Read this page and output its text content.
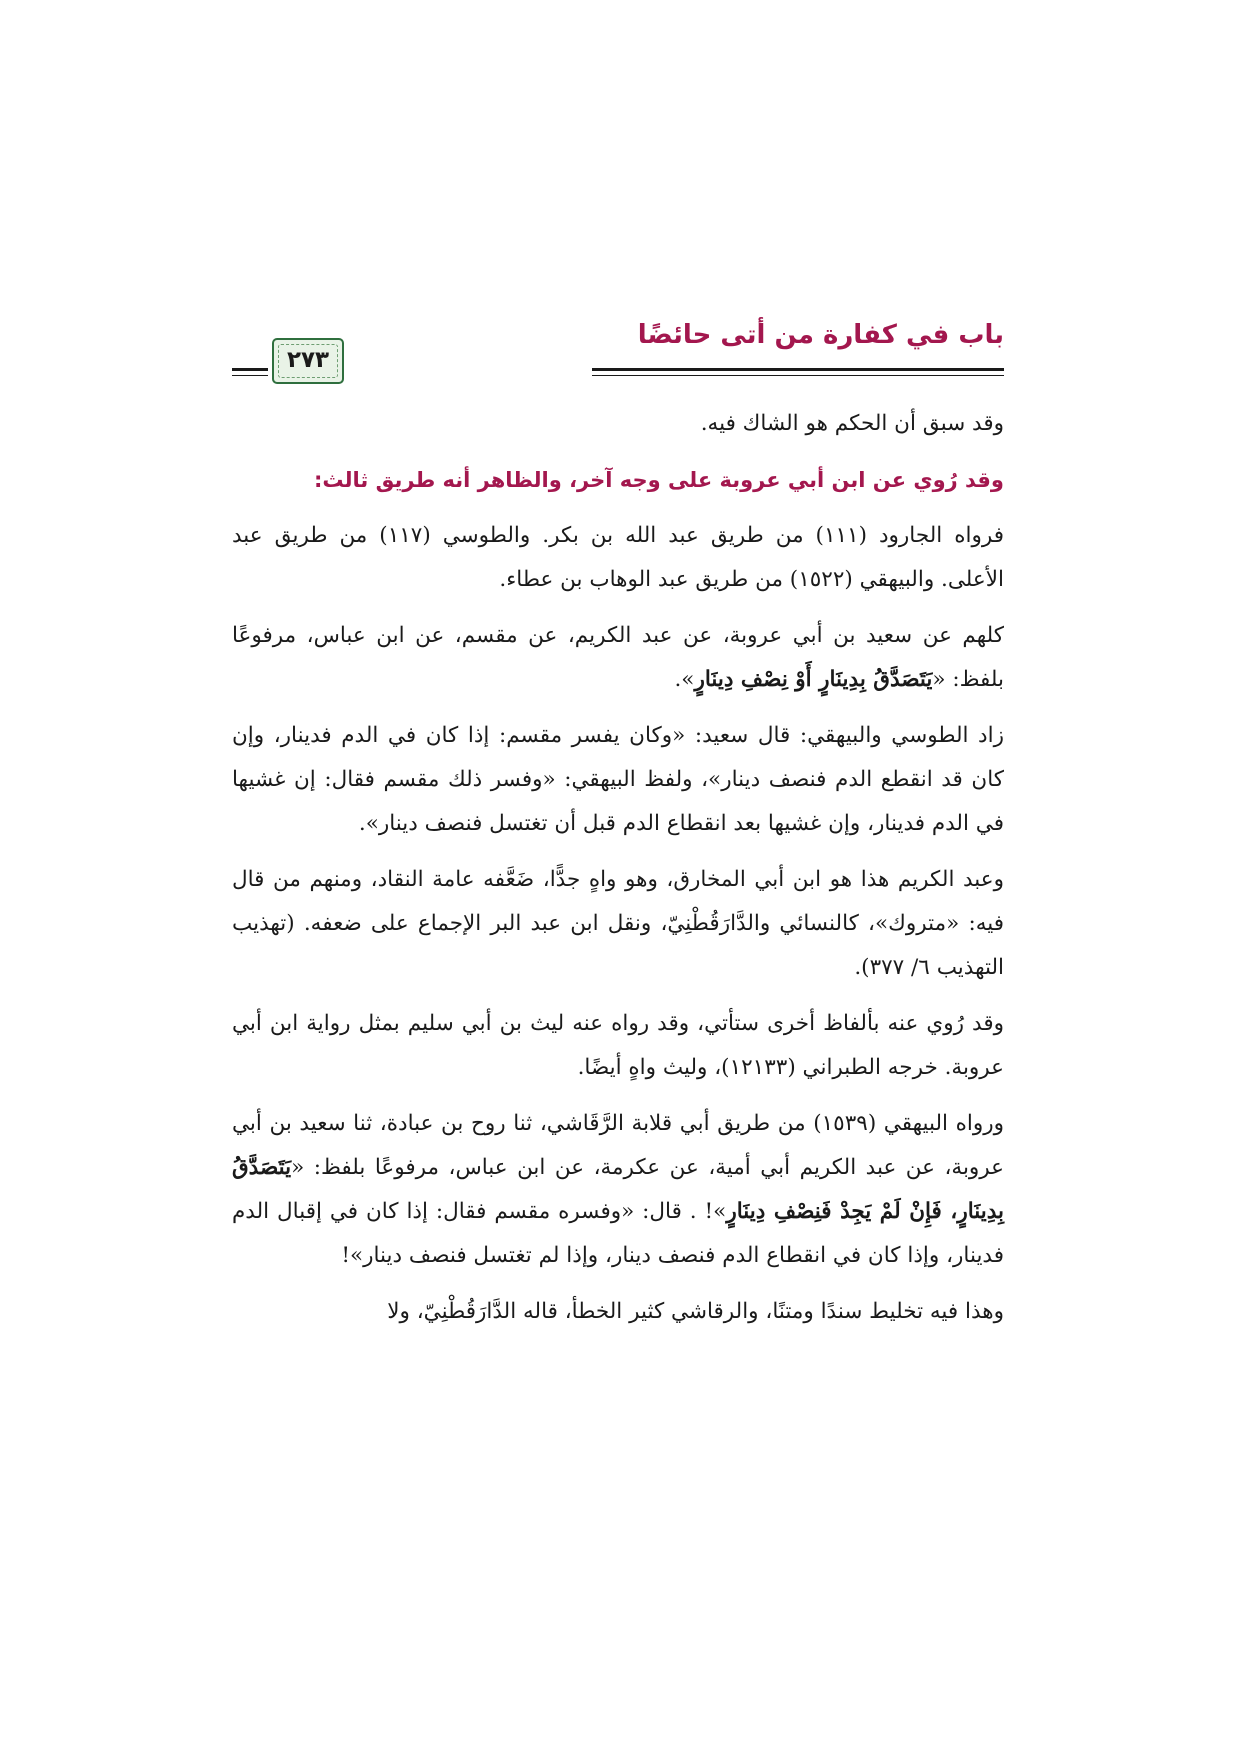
باب في كفارة من أتى حائضًا
٢٧٣

وقد سبق أن الحكم هو الشاك فيه.

وقد رُوي عن ابن أبي عروبة على وجه آخر، والظاهر أنه طريق ثالث:

فرواه الجارود (١١١) من طريق عبد الله بن بكر. والطوسي (١١٧) من طريق عبد الأعلى. والبيهقي (١٥٢٢) من طريق عبد الوهاب بن عطاء.

كلهم عن سعيد بن أبي عروبة، عن عبد الكريم، عن مقسم، عن ابن عباس، مرفوعًا بلفظ: «يَتَصَدَّقُ بِدِينَارٍ أَوْ نِصْفِ دِينَارٍ».

زاد الطوسي والبيهقي: قال سعيد: «وكان يفسر مقسم: إذا كان في الدم فدينار، وإن كان قد انقطع الدم فنصف دينار»، ولفظ البيهقي: «وفسر ذلك مقسم فقال: إن غشيها في الدم فدينار، وإن غشيها بعد انقطاع الدم قبل أن تغتسل فنصف دينار».

وعبد الكريم هذا هو ابن أبي المخارق، وهو واهٍ جدًّا، ضَعَّفه عامة النقاد، ومنهم من قال فيه: «متروك»، كالنسائي والدَّارَقُطْنِيّ، ونقل ابن عبد البر الإجماع على ضعفه. (تهذيب التهذيب ٦/ ٣٧٧).

وقد رُوي عنه بألفاظ أخرى ستأتي، وقد رواه عنه ليث بن أبي سليم بمثل رواية ابن أبي عروبة. خرجه الطبراني (١٢١٣٣)، وليث واهٍ أيضًا.

ورواه البيهقي (١٥٣٩) من طريق أبي قلابة الرَّقَاشي، ثنا روح بن عبادة، ثنا سعيد بن أبي عروبة، عن عبد الكريم أبي أمية، عن عكرمة، عن ابن عباس، مرفوعًا بلفظ: «يَتَصَدَّقُ بِدِينَارٍ، فَإِنْ لَمْ يَجِدْ فَنِصْفِ دِينَارٍ»! . قال: «وفسره مقسم فقال: إذا كان في إقبال الدم فدينار، وإذا كان في انقطاع الدم فنصف دينار، وإذا لم تغتسل فنصف دينار»!

وهذا فيه تخليط سندًا ومتنًا، والرقاشي كثير الخطأ، قاله الدَّارَقُطْنِيّ، ولا
